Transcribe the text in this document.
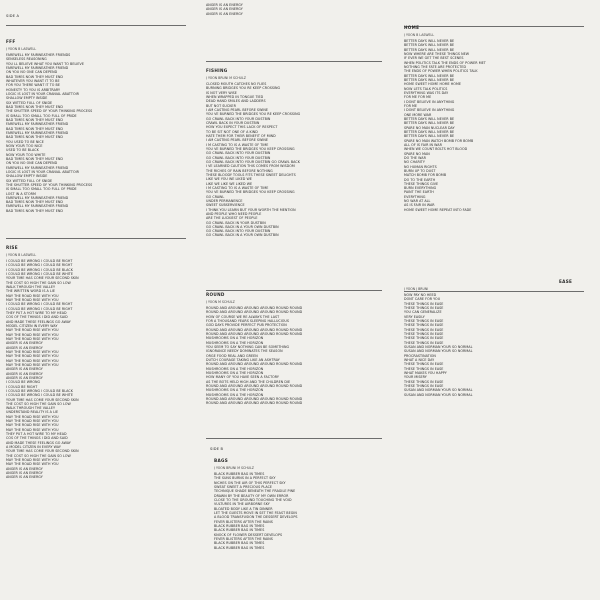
SIDE A
FFF
J YOON B LASWELL
FAREWELL MY FAIRWEATHER FRIENDS
SENSELESS REASONING
YOU LL BELIEVE WHAT YOU WANT TO BELIEVE
FAREWELL MY FAIRWEATHER FRIEND
ON YOU NO ONE CAN DEPEND
BAD TIMES NOW THEY MUST END
WHATEVER YOU WANT IT TO BE
FOR YOU THERE WANT IT TO BE
HONESTY TO YOU IS ARBITRARY
LOGIC IS LOST IN YOUR CRANIAL ABATTOIR
SHALLOW EMPTY INSIDE
SIX WITTED FULL OF SNIDE
BAD TIMES NOW THEY MUST END
THE SHUTTER SPEED OF YOUR THINKING PROCESS
IS SMALL TOO SMALL TOO FULL OF PRIDE
BAD TIMES NOW THEY MUST END
FAREWELL MY FAIRWEATHER FRIEND
BAD TIMES NOW THEY MUST END
FAREWELL MY FAIRWEATHER FRIEND
BAD TIMES NOW THEY MUST END
YOU USED TO BE NICE
NOW YOUR TOO NICE
USED TO BE BLACK
NOW YOUR TOO WHITE
BAD TIMES NOW THEY MUST END
ON YOU NO ONE CAN DEPEND
FAREWELL MY FAIRWEATHER FRIEND
LOGIC IS LOST IN YOUR CRANIAL ABATTOIR
SHALLOW EMPTY INSIDE
SIX WITTED FULL OF SNIDE
THE SHUTTER SPEED OF YOUR THINKING PROCESS
IS SMALL TOO SMALL TOO FULL OF PRIDE
LOST IN A STORM
FAREWELL MY FAIRWEATHER FRIEND
BAD TIMES NOW THEY MUST END
FAREWELL MY FAIRWEATHER FRIEND
BAD TIMES NOW THEY MUST END
RISE
J YOON B LASWELL
I COULD BE WRONG I COULD BE RIGHT
I COULD BE WRONG I COULD BE RIGHT
I COULD BE WRONG I COULD BE BLACK
I COULD BE WRONG I COULD BE WHITE
YOUR TIME HAS COME YOUR SECOND SKIN
THE COST SO HIGH THE GAIN SO LOW
WALK THROUGH THE VALLEY
THE WRITTEN WORD IS A LIE
MAY THE ROAD RISE WITH YOU
MAY THE ROAD RISE WITH YOU
I COULD BE WRONG I COULD BE RIGHT
I COULD BE WRONG I COULD BE RIGHT
THEY PUT A HOT WIRE TO MY HEAD
COS OF THE THINGS I DID AND SAID
AND MADE THESE FEELINGS GO AWAY
MODEL CITIZEN IN EVERY WAY
MAY THE ROAD RISE WITH YOU
MAY THE ROAD RISE WITH YOU
MAY THE ROAD RISE WITH YOU
ANGER IS AN ENERGY
ANGER IS AN ENERGY
MAY THE ROAD RISE WITH YOU
MAY THE ROAD RISE WITH YOU
MAY THE ROAD RISE WITH YOU
MAY THE ROAD RISE WITH YOU
ANGER IS AN ENERGY
ANGER IS AN ENERGY
ANGER IS AN ENERGY
I COULD BE WRONG
I COULD BE RIGHT
I COULD BE WRONG I COULD BE BLACK
I COULD BE WRONG I COULD BE WHITE
YOUR TIME HAS COME YOUR SECOND SKIN
THE COST SO HIGH THE GAIN SO LOW
WALK THROUGH THE VALLEY
UNDERSTAND REALITY IS A LIE
MAY THE ROAD RISE WITH YOU
MAY THE ROAD RISE WITH YOU
MAY THE ROAD RISE WITH YOU
MAY THE ROAD RISE WITH YOU
THEY PUT A HOT WIRE TO MY HEAD
COS OF THE THINGS I DID AND SAID
AND MADE THESE FEELINGS GO AWAY
A MODEL CITIZEN IN EVERY WAY
YOUR TIME HAS COME YOUR SECOND SKIN
THE COST SO HIGH THE GAIN SO LOW
MAY THE ROAD RISE WITH YOU
MAY THE ROAD RISE WITH YOU
ANGER IS AN ENERGY
ANGER IS AN ENERGY
ANGER IS AN ENERGY
ANGER IS AN ENERGY
ANGER IS AN ENERGY
ANGER IS AN ENERGY
FISHING
J YOON BRUNI M SCHULZ
CLOSED MOUTH CATCHES NO FLIES
BURNING BRIDGES YOU RE KEEP CROSSING
IS NOT VERY WISE
WHEN WRAPPED IN TONGUE TIED
DEAD HAND SMILES AND LADDERS
BUT NOT SUCKER
I AM CASTING PEARL BEFORE SWINE
YOU VE BURNED THE BRIDGES YOU RE KEEP CROSSING
GO CRAWL BACK INTO YOUR DUSTBIN
CRAWL BACK IN YOUR DUSTBIN
HOW YOU EXPECT THIS LACK OF RESPECT
TO BE SIT NOT ONE OF A KIND
HATE THEM FOR THEIR BENEFIT OF MIND
I AM CASTING PEARL BEFORE SWINE
I M CASTING TO IS A WASTE OF TIME
YOU VE BURNED THE BRIDGES YOU KEEP CROSSING
GO CRAWL BACK INTO YOUR DUSTBIN
GO CRAWL BACK INTO YOUR DUSTBIN
GO CRAWL BACK INTO YOUR DUSTBIN GO CRAWL BACK
I VE LEARNED CAUTION THIS COMES FROM WISDOM
THE RICHES OF RAIN BEFORE NOTHING
THESE BLOODY TOOLS FITS THESE SWEET DELIGHTS
LIKE WE YOU WE LIKED WE
LIKE WE LIKE WE LIKED WE
I M CASTING TO IS A WASTE OF TIME
YOU VE BURNED THE BRIDGES YOU KEEP CROSSING
GO CRAWL
UNDER PERMANENCE
SWEET SUBSERVIENCE
I THINK YOU LEARN BUT YOUR WORTH THE MENTION
AND PEOPLE WHO NEED PEOPLE
ARE THE LUCKIEST OF PEOPLE
GO CRAWL BACK IN YOUR DUSTBIN
GO CRAWL BACK IN A YOUR OWN DUSTBIN
GO CRAWL BACK INTO YOUR DUSTBIN
GO CRAWL BACK IN A YOUR OWN DUSTBIN
ROUND
J YOON M SCHULZ
ROUND AND AROUND AROUND AROUND ROUND ROUND
ROUND AND AROUND AROUND AROUND ROUND ROUND
HOW OF COURSE WE RE ALWAYS THE LAST
FOR A THOUSAND YEARS SLEEPING HALLUCIOUS
GOD DAYS PROVIDE PERFECT PUB PROTECTION
ROUND AND AROUND AROUND AROUND ROUND ROUND
ROUND AND AROUND AROUND AROUND ROUND ROUND
MUSHROOMS ON A THE HORIZON
MUSHROOMS ON A THE HORIZON
YOU SEEM TO SAY NOTHING CAN BE SOMETHING
IGNORANCE NEEDY DOMINATES THE SEASON
ORGE FOOD REAL AND GREEN
DUTCH COURAGE TAKING LIKE AN ASHTRAY
ROUND AND AROUND AROUND AROUND ROUND ROUND
MUSHROOMS ON A THE HORIZON
MUSHROOMS ON A THE HORIZON
HOW MANY OF YOU HAVE SEEN A FACTORY
AS THE BOTS HELD HIGH AND THE CHILDREN DIE
ROUND AND AROUND AROUND AROUND ROUND ROUND
MUSHROOMS ON A THE HORIZON
MUSHROOMS ON A THE HORIZON
ROUND AND AROUND AROUND AROUND ROUND ROUND
ROUND AND AROUND AROUND AROUND ROUND ROUND
SIDE B
BAGS
J YOON BRUNI M SCHULZ
BLACK RUBBER BAG IN TIMES
THE SUNS BURNS IN A PERFECT SKY
NICHES ON THE AIR OF THIS PERFECT SKY
SWEAT SWEET A PRECIOUS PLACE
TECHNIQUE SHADE BENEATH THE FRAGILE PINE
DRAWN BY THE BEAUTY OF MY OWN ERROR
CLOSE TO THE GROUND TOUCHING THE VOID
VULTURES IN THE AIRBORNE SKY
BLOATED BODY LIKE A TIN DINNER
LET THE GUESTS MOVE IN SET THE FEAST BEGIN
A BLOOD TRANSFUSION THE DESSERT DEVELOPS
FEVER BLISTERS AFTER THE RAINS
BLACK RUBBER BAG IN TIMES
BLACK RUBBER BAG IN TIMES
KNOCK OF FLOWER DESSERT DEVELOPS
FEVER BLISTERS AFTER THE RAINS
BLACK RUBBER BAG IN TIMES
BLACK RUBBER BAG IN TIMES
HOME
J YOON B LASWELL
BETTER DAYS WILL NEVER BE
BETTER DAYS WILL NEVER BE
BETTER DAYS WILL NEVER BE
NOW WHERE ARE THESE THINGS NEW
IF EVER WE GET THE BEST SCENES
WHEN POLITICS TALK THE ENDS OF POWER MET
NOTHING THE FATE ARE PROTECTED
THE ENDS OF POWER WHEN POLITICS TALK
BETTER DAYS WILL NEVER BE
BETTER DAYS WILL NEVER BE
HOME SWEET HOME HOME HOME
NOW LETS TALK POLITICS
EVERYTHING WAS ITS DAY
FOR ME FOR ME
I DONT BELIEVE IN ANYTHING
FOR ME
I DONT BELIEVE IN ANYTHING
ONE MORE WAR
BETTER DAYS WILL NEVER BE
BETTER DAYS WILL NEVER BE
SPARE NO MAN NUCLEAR DAY
BETTER DAYS WILL NEVER BE
BETTER DAYS WILL NEVER BE
SPARE NO MAN WATCH BOMB FOR BOMB
ALL OF IS FAIR IN WAR
WHEN WE COUNT BOLTS HOT BLOOD
SPARE NO MAN
DO THE WAR
NO CHARITY
NO HUMAN RIGHTS
BURN UP TO DUST
MATCH BOMB FOR BOMB
DO TO THE EARTH
THESE THINGS GIVE
BURN EVERYTHING
PAINT THE EARTH
EVERYTHING
NO WAR AT ALL
AS IS FAIR IN WAR
HOME SWEET HOME REPEAT INTO FADE
EASE
J YOON J BRUNI
NOW PAY NO HEED
DONT CARE FOR YOU
THESE THINGS IN EASE
THESE THINGS IN EASE
YOU CAN GENERALIZE
VERY EASILY
THESE THINGS IN EASE
THESE THINGS IN EASE
THESE THINGS IN EASE
THESE THINGS IN EASE
THESE THINGS IN EASE
THESE THINGS IN EASE
SUSAN AND NORMAN YOUR SO NORMAL
SUSAN AND NORMAN YOUR SO NORMAL
PROCRASTINATION
WHAT A NICE DAY
THESE THINGS IN EASE
THESE THINGS IN EASE
WHAT MAKES YOU HAPPY
YOUR MISERY
THESE THINGS IN EASE
THESE THINGS IN EASE
SUSAN AND NORMAN YOUR SO NORMAL
SUSAN AND NORMAN YOUR SO NORMAL
